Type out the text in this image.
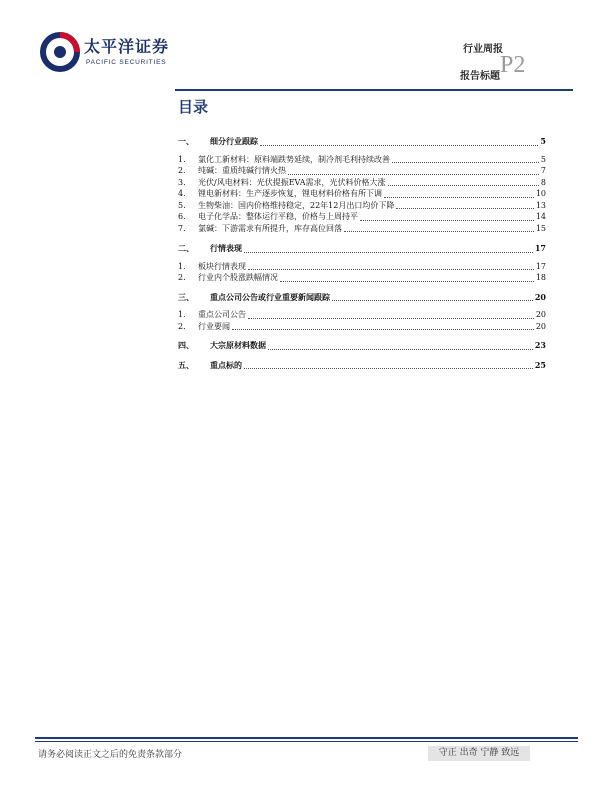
太平洋证券
PACIFIC SECURITIES
行业周报
报告标题 P2
目录
一、	细分行业跟踪	5
1.	氯化工新材料：原料端跌势延续，制冷剂毛利持续改善	5
2.	纯碱：重质纯碱行情火热	7
3.	光伏/风电材料：光伏提振EVA需求，光伏料价格大涨	8
4.	锂电新材料：生产逐步恢复，锂电材料价格有所下调	10
5.	生物柴油：国内价格维持稳定，22年12月出口均价下降	13
6.	电子化学品：整体运行平稳，价格与上周持平	14
7.	氯碱：下游需求有所提升，库存高位回落	15
二、	行情表现	17
1.	板块行情表现	17
2.	行业内个股涨跌幅情况	18
三、	重点公司公告或行业重要新闻跟踪	20
1.	重点公司公告	20
2.	行业要闻	20
四、	大宗原材料数据	23
五、	重点标的	25
请务必阅读正文之后的免责条款部分	守正 出奇 宁静 致远
